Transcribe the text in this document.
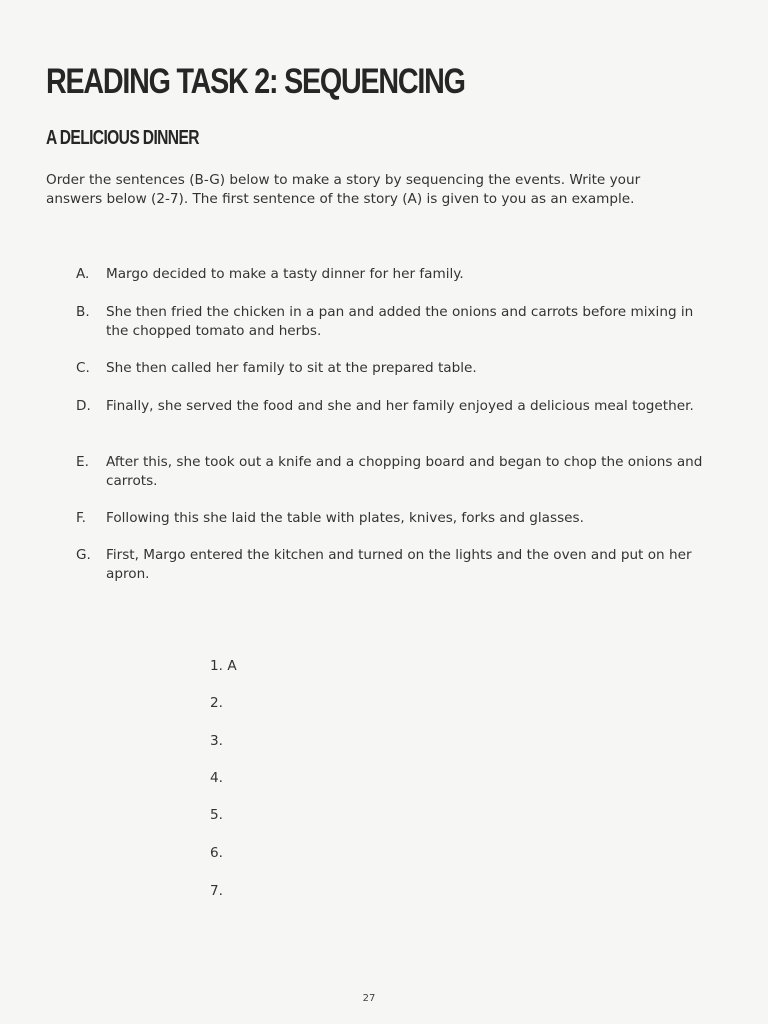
READING TASK 2: SEQUENCING
A DELICIOUS DINNER
Order the sentences (B-G) below to make a story by sequencing the events. Write your answers below (2-7). The first sentence of the story (A) is given to you as an example.
A.	Margo decided to make a tasty dinner for her family.
B.	She then fried the chicken in a pan and added the onions and carrots before mixing in the chopped tomato and herbs.
C.	She then called her family to sit at the prepared table.
D.	Finally, she served the food and she and her family enjoyed a delicious meal together.
E.	After this, she took out a knife and a chopping board and began to chop the onions and carrots.
F.	Following this she laid the table with plates, knives, forks and glasses.
G.	First, Margo entered the kitchen and turned on the lights and the oven and put on her apron.
1. A
2.
3.
4.
5.
6.
7.
27
